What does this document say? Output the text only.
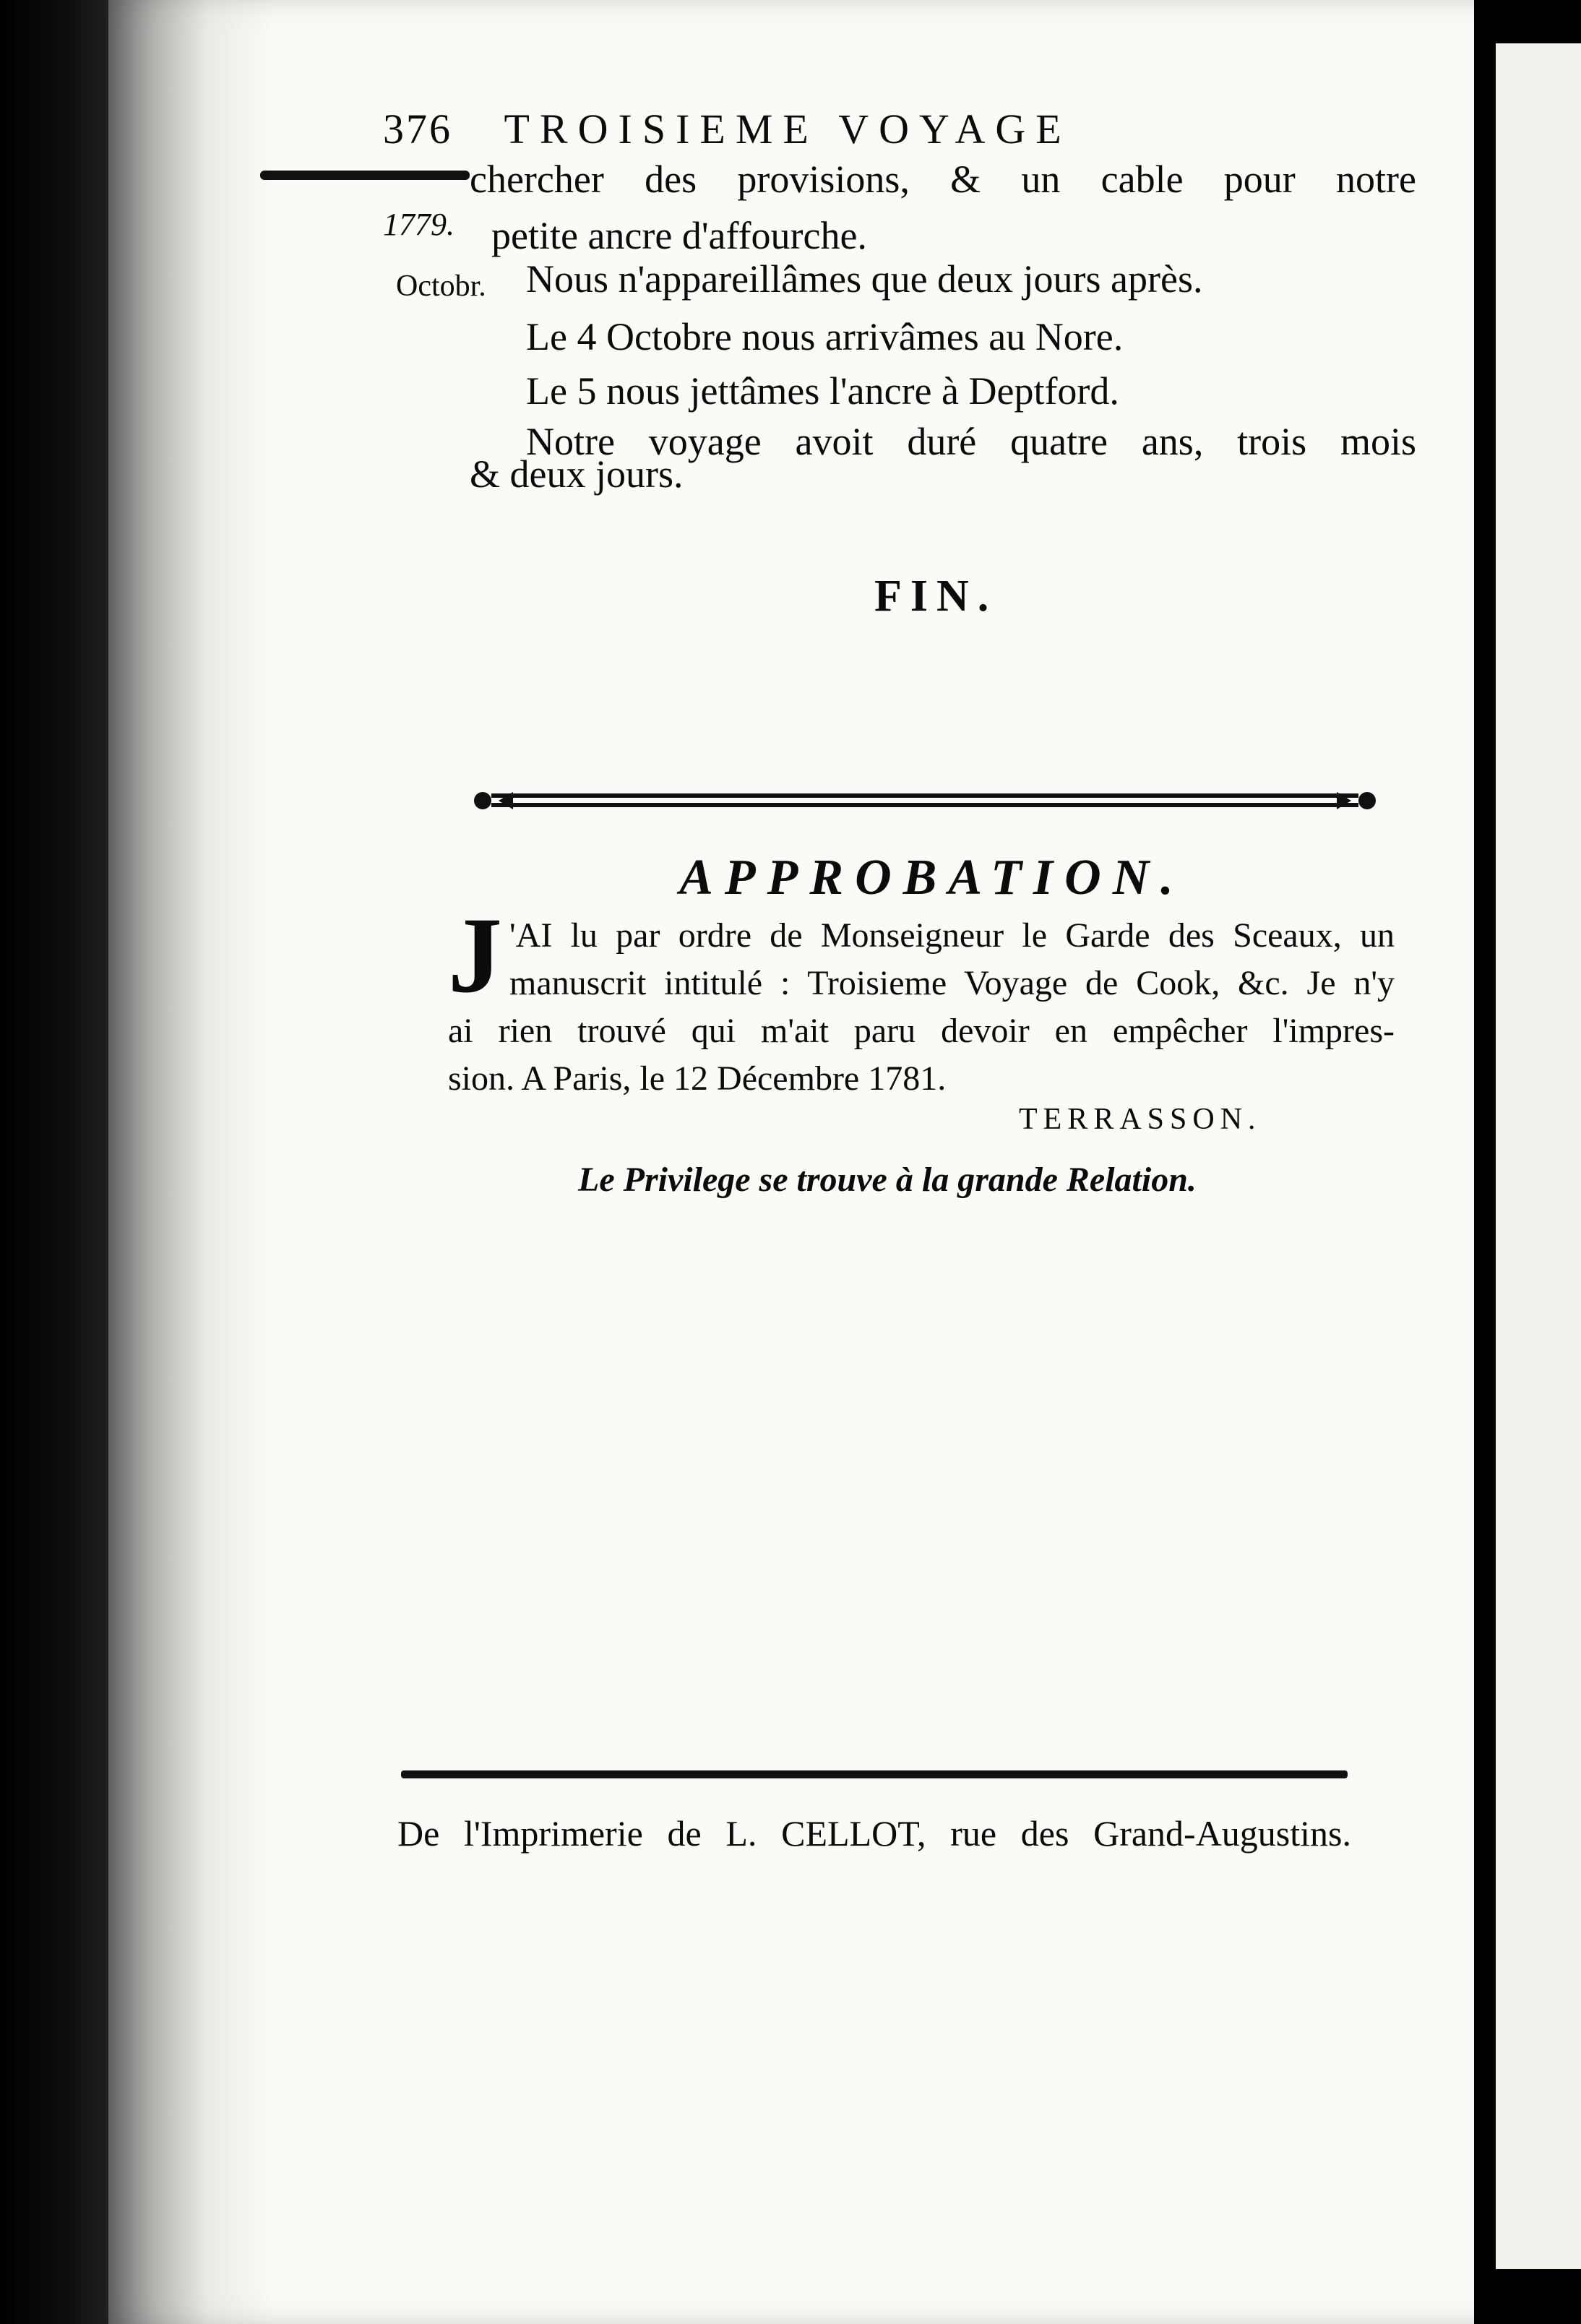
376 TROISIEME VOYAGE
1779.
Octobr.
chercher des provisions, & un cable pour notre
petite ancre d'affourche.
Nous n'appareillâmes que deux jours après.
Le 4 Octobre nous arrivâmes au Nore.
Le 5 nous jettâmes l'ancre à Deptford.
Notre voyage avoit duré quatre ans, trois mois
& deux jours.
FIN.
APPROBATION.
J 'AI lu par ordre de Monseigneur le Garde des Sceaux, un
manuscrit intitulé : Troisieme Voyage de Cook, &c. Je n'y
ai rien trouvé qui m'ait paru devoir en empêcher l'impres-
sion. A Paris, le 12 Décembre 1781.
TERRASSON.
Le Privilege se trouve à la grande Relation.
De l'Imprimerie de L. CELLOT, rue des Grand-Augustins.
